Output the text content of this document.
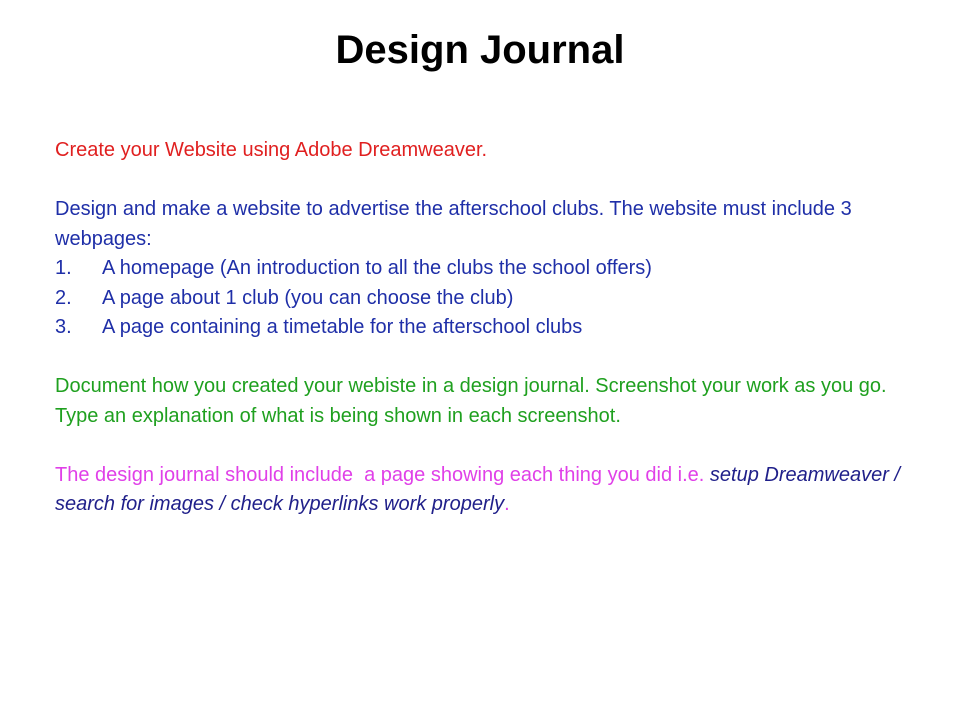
Design Journal

Create your Website using Adobe Dreamweaver.

Design and make a website to advertise the afterschool clubs. The website must include 3 webpages:

1. A homepage (An introduction to all the clubs the school offers)
2. A page about 1 club (you can choose the club)
3. A page containing a timetable for the afterschool clubs

Document how you created your webiste in a design journal. Screenshot your work as you go. Type an explanation of what is being shown in each screenshot.

The design journal should include  a page showing each thing you did i.e. setup Dreamweaver / search for images / check hyperlinks work properly.
